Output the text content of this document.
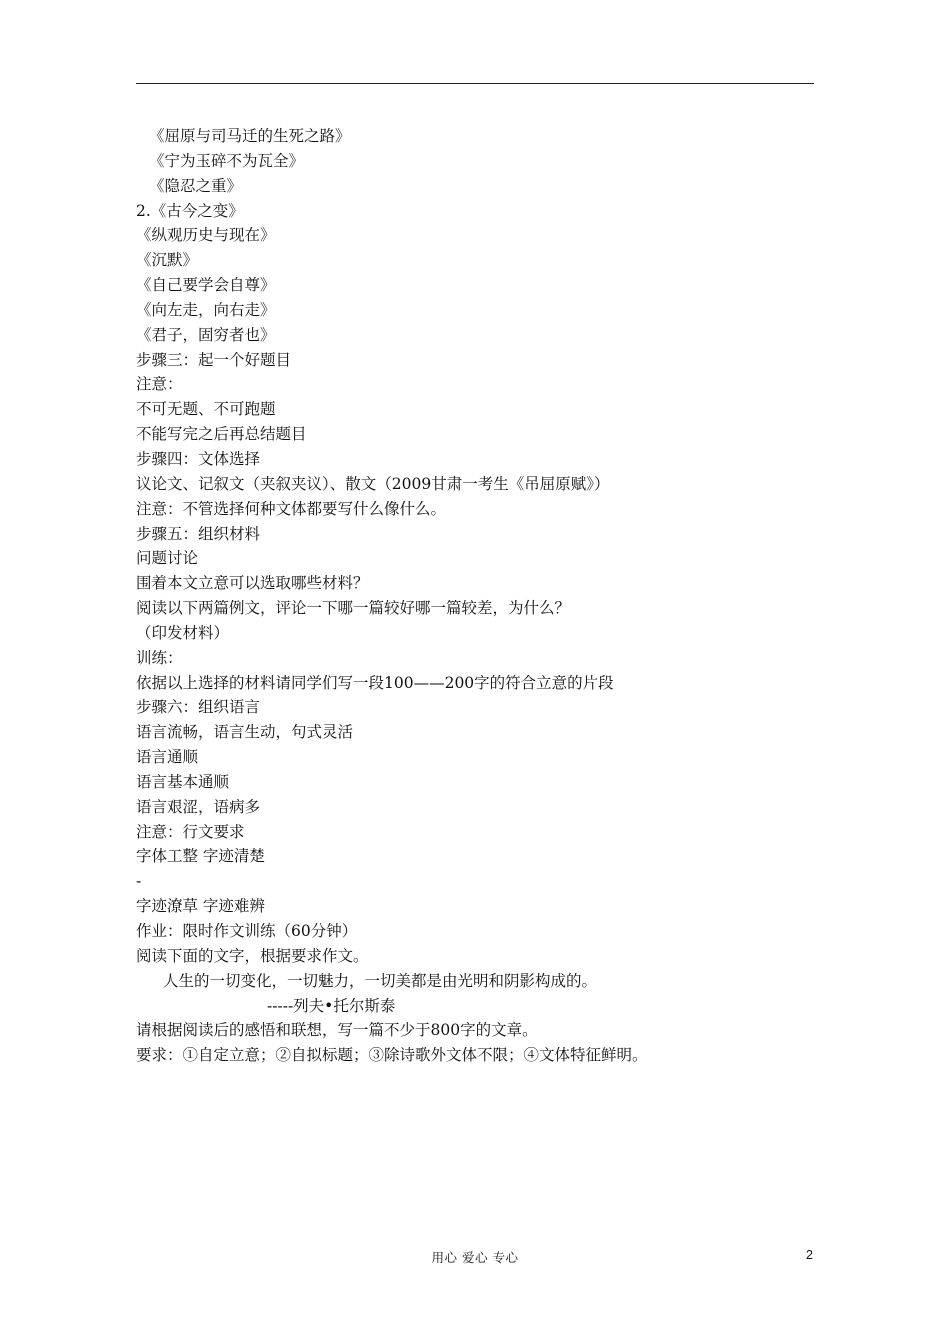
《屈原与司马迁的生死之路》
《宁为玉碎不为瓦全》
《隐忍之重》
2.《古今之变》
《纵观历史与现在》
《沉默》
《自己要学会自尊》
《向左走，向右走》
《君子，固穷者也》
步骤三：起一个好题目
注意：
不可无题、不可跑题
不能写完之后再总结题目
步骤四：文体选择
议论文、记叙文（夹叙夹议）、散文（2009甘肃一考生《吊屈原赋》）
注意：不管选择何种文体都要写什么像什么。
步骤五：组织材料
问题讨论
围着本文立意可以选取哪些材料？
阅读以下两篇例文，评论一下哪一篇较好哪一篇较差，为什么？
（印发材料）
训练：
依据以上选择的材料请同学们写一段100——200字的符合立意的片段
步骤六：组织语言
语言流畅，语言生动，句式灵活
语言通顺
语言基本通顺
语言艰涩，语病多
注意：行文要求
字体工整 字迹清楚
-
字迹潦草 字迹难辨
作业：限时作文训练（60分钟）
阅读下面的文字，根据要求作文。
人生的一切变化，一切魅力，一切美都是由光明和阴影构成的。
-----列夫•托尔斯泰
请根据阅读后的感悟和联想，写一篇不少于800字的文章。
要求：①自定立意；②自拟标题；③除诗歌外文体不限；④文体特征鲜明。
用心 爱心 专心	2
